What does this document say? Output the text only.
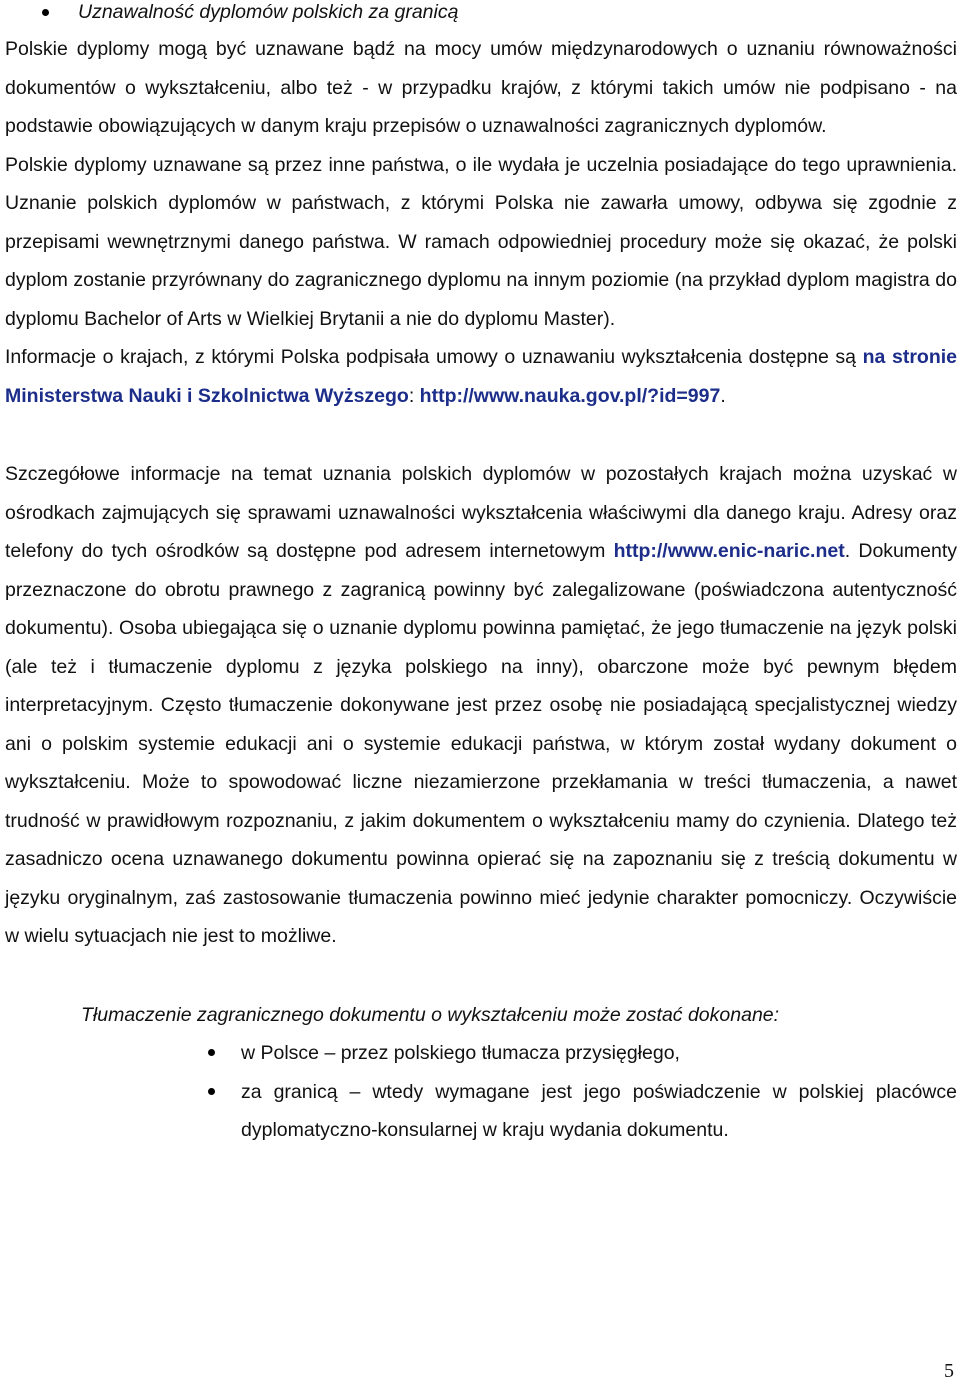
Uznawalność dyplomów polskich za granicą

Polskie dyplomy mogą być uznawane bądź na mocy umów międzynarodowych o uznaniu równoważności dokumentów o wykształceniu, albo też - w przypadku krajów, z którymi takich umów nie podpisano - na podstawie obowiązujących w danym kraju przepisów o uznawalności zagranicznych dyplomów.

Polskie dyplomy uznawane są przez inne państwa, o ile wydała je uczelnia posiadające do tego uprawnienia. Uznanie polskich dyplomów w państwach, z którymi Polska nie zawarła umowy, odbywa się zgodnie z przepisami wewnętrznymi danego państwa. W ramach odpowiedniej procedury może się okazać, że polski dyplom zostanie przyrównany do zagranicznego dyplomu na innym poziomie (na przykład dyplom magistra do dyplomu Bachelor of Arts w Wielkiej Brytanii a nie do dyplomu Master).

Informacje o krajach, z którymi Polska podpisała umowy o uznawaniu wykształcenia dostępne są na stronie Ministerstwa Nauki i Szkolnictwa Wyższego: http://www.nauka.gov.pl/?id=997.

Szczegółowe informacje na temat uznania polskich dyplomów w pozostałych krajach można uzyskać w ośrodkach zajmujących się sprawami uznawalności wykształcenia właściwymi dla danego kraju. Adresy oraz telefony do tych ośrodków są dostępne pod adresem internetowym http://www.enic-naric.net. Dokumenty przeznaczone do obrotu prawnego z zagranicą powinny być zalegalizowane (poświadczona autentyczność dokumentu). Osoba ubiegająca się o uznanie dyplomu powinna pamiętać, że jego tłumaczenie na język polski (ale też i tłumaczenie dyplomu z języka polskiego na inny), obarczone może być pewnym błędem interpretacyjnym. Często tłumaczenie dokonywane jest przez osobę nie posiadającą specjalistycznej wiedzy ani o polskim systemie edukacji ani o systemie edukacji państwa, w którym został wydany dokument o wykształceniu. Może to spowodować liczne niezamierzone przekłamania w treści tłumaczenia, a nawet trudność w prawidłowym rozpoznaniu, z jakim dokumentem o wykształceniu mamy do czynienia. Dlatego też zasadniczo ocena uznawanego dokumentu powinna opierać się na zapoznaniu się z treścią dokumentu w języku oryginalnym, zaś zastosowanie tłumaczenia powinno mieć jedynie charakter pomocniczy. Oczywiście w wielu sytuacjach nie jest to możliwe.

Tłumaczenie zagranicznego dokumentu o wykształceniu może zostać dokonane:

w Polsce – przez polskiego tłumacza przysięgłego,
za granicą – wtedy wymagane jest jego poświadczenie w polskiej placówce dyplomatyczno-konsularnej w kraju wydania dokumentu.
5
